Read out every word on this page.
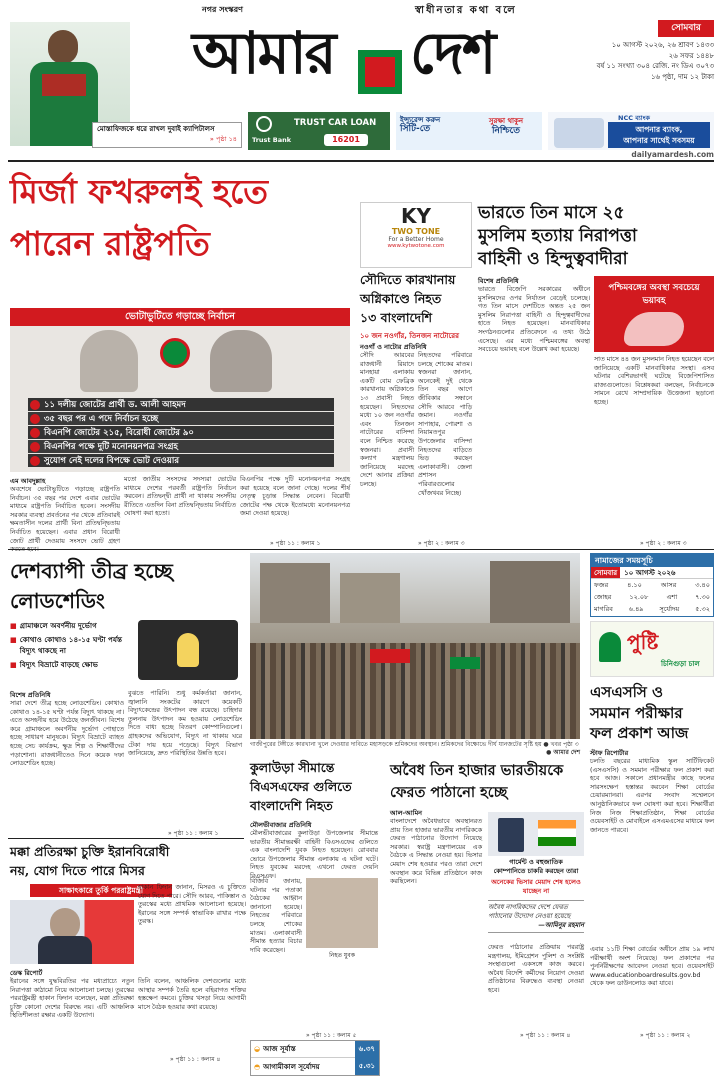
নগর সংস্করণ	স্বাধীনতার কথা বলে
আমার দেশ	সোমবার
১০ আগস্ট ২০২৬, ২৬ শ্রাবণ ১৪৩৩
২৬ সফর ১৪৪৮
বর্ষ ১১ সংখ্যা ৩০৪ রেজি. নং ডিএ ৩০৭৩
১৬ পৃষ্ঠা, দাম ১২ টাকা
মোস্তাফিজকে ধরে রাখল দুবাই ক্যাপিটালস
» পৃষ্ঠা ১৪ Trust Bank
TRUST CAR LOAN
16201
ইন্স্যুরেন্স করুন
সিটি-তে
সুরক্ষা থাকুন
নিশ্চিতে
NCC ব্যাংক
আপনার ব্যাংক,
আপনার সাথেই সবসময়
dailyamardesh.com
মির্জা ফখরুলই হতে
পারেন রাষ্ট্রপতি
ভোটাভুটিতে গড়াচ্ছে নির্বাচন
১১ দলীয় জোটের প্রার্থী ড. আলী আহমদ
৩৫ বছর পর এ পদে নির্বাচন হচ্ছে
বিএনপি জোটের ২১৫, বিরোধী জোটের ৯০
বিএনপির পক্ষে দুটি মনোনয়নপত্র সংগ্রহ
সুযোগ নেই দলের বিপক্ষে ভোট দেওয়ার
এম আবদুল্লাহ
অবশেষে ভোটাভুটিতে গড়াচ্ছে রাষ্ট্রপতি নির্বাচন। ৩৫ বছর পর দেশে এবার ভোটের মাধ্যমে রাষ্ট্রপতি নির্বাচিত হবেন। সংসদীয় সরকার ব্যবস্থা প্রবর্তনের পর থেকে প্রতিবারই ক্ষমতাসীন দলের প্রার্থী বিনা প্রতিদ্বন্দ্বিতায় নির্বাচিত হয়েছেন। এবার প্রধান বিরোধী জোট প্রার্থী দেওয়ায় সংসদে ভোট গ্রহণ
মতো জাতীয় সংসদের সদস্যরা ভোটের মাধ্যমে দেশের পরবর্তী রাষ্ট্রপতি নির্বাচন করবেন। প্রতিদ্বন্দ্বী প্রার্থী না থাকায় সংসদীয় রীতিতে এতদিন বিনা প্রতিদ্বন্দ্বিতায় নির্বাচিত ঘোষণা করা হতো।
বিএনপির পক্ষে দুটি মনোনয়নপত্র সংগ্রহ করা হয়েছে বলে জানা গেছে। দলের শীর্ষ নেতৃত্ব চূড়ান্ত সিদ্ধান্ত নেবেন। বিরোধী জোটের পক্ষ থেকে ইতোমধ্যে মনোনয়নপত্র জমা দেওয়া হয়েছে।
» পৃষ্ঠা ১১ : কলাম ১
KY
TWO TONE
For a Better Home
www.kytwotone.com
সৌদিতে কারখানায়
অগ্নিকাণ্ডে নিহত
১৩ বাংলাদেশি
১০ জন নওগাঁর, তিনজন নাটোরের
নওগাঁ ও নাটোর প্রতিনিধি
সৌদি আরবের রাজধানী রিয়াদে মানহায়া এলাকায় একটি বোম ফেব্রিক কারখানায় অগ্নিকাণ্ডে ১৩ প্রবাসী নিহত হয়েছেন। নিহতদের মধ্যে ১০ জন নওগাঁর এবং তিনজন নাটোরের বাসিন্দা বলে নিশ্চিত করেছে স্বজনরা। প্রবাসী কল্যাণ মন্ত্রণালয় জানিয়েছে মরদেহ দেশে আনার প্রক্রিয়া চলছে।
নিহতদের পরিবারে চলছে শোকের মাতম। স্বজনরা জানান, অনেকেই দুই থেকে তিন বছর আগে জীবিকার সন্ধানে সৌদি আরবে পাড়ি জমান। নওগাঁর সাপাহার, পোরশা ও নিয়ামতপুর উপজেলার বাসিন্দা নিহতদের বাড়িতে ভিড় করছেন এলাকাবাসী। জেলা প্রশাসন পরিবারগুলোর খোঁজখবর নিচ্ছে।
» পৃষ্ঠা ২ : কলাম ৩
ভারতে তিন মাসে ২৫
মুসলিম হত্যায় নিরাপত্তা
বাহিনী ও হিন্দুত্ববাদীরা
বিশেষ প্রতিনিধি
ভারতে বিজেপি সরকারের অধীনে মুসলিমদের ওপর নির্যাতন বেড়েই চলেছে। গত তিন মাসে দেশটিতে অন্তত ২৫ জন মুসলিম নিরাপত্তা বাহিনী ও হিন্দুত্ববাদীদের হাতে নিহত হয়েছেন। মানবাধিকার সংগঠনগুলোর প্রতিবেদনে এ তথ্য উঠে এসেছে। এর মধ্যে পশ্চিমবঙ্গের অবস্থা সবচেয়ে ভয়াবহ বলে উল্লেখ করা হয়েছে।
পশ্চিমবঙ্গের অবস্থা সবচেয়ে ভয়াবহ
সাত মাসে ৪৪ জন মুসলমান নিহত হয়েছেন বলে জানিয়েছে একটি মানবাধিকার সংস্থা। এসব ঘটনার বেশিরভাগই ঘটেছে বিজেপিশাসিত রাজ্যগুলোতে। বিশ্লেষকরা বলছেন, নির্বাচনকে সামনে রেখে সাম্প্রদায়িক উত্তেজনা ছড়ানো হচ্ছে।
» পৃষ্ঠা ২ : কলাম ৩
দেশব্যাপী তীব্র হচ্ছে
লোডশেডিং
■ গ্রামাঞ্চলে অবর্ণনীয় দুর্ভোগ
■ কোথাও কোথাও ১৪-১৫ ঘণ্টা পর্যন্ত বিদ্যুৎ থাকছে না
■ বিদ্যুৎ বিভ্রাটে বাড়ছে ক্ষোভ
বিশেষ প্রতিনিধি
সারা দেশে তীব্র হচ্ছে লোডশেডিং। কোথাও কোথাও ১৪-১৫ ঘণ্টা পর্যন্ত বিদ্যুৎ থাকছে না। এতে অসহনীয় হয়ে উঠেছে জনজীবন। বিশেষ করে গ্রামাঞ্চলে অবর্ণনীয় দুর্ভোগ পোহাতে হচ্ছে সাধারণ মানুষকে। বিদ্যুৎ বিভ্রাটে ব্যাহত হচ্ছে সেচ কার্যক্রম, ক্ষুদ্র শিল্প ও শিক্ষার্থীদের পড়াশোনা। রাজধানীতেও দিনে কয়েক দফা লোডশেডিং হচ্ছে।
বুঝতে পারিনি। শুধু কর্মকর্তারা জানান, জ্বালানি সংকটের কারণে কয়েকটি বিদ্যুৎকেন্দ্রের উৎপাদন বন্ধ রয়েছে। চাহিদার তুলনায় উৎপাদন কম হওয়ায় লোডশেডিং দিতে বাধ্য হচ্ছে বিতরণ কোম্পানিগুলো। গ্রাহকদের অভিযোগ, বিদ্যুৎ না থাকায় ঘরে টেকা দায় হয়ে পড়েছে। বিদ্যুৎ বিভাগ জানিয়েছে, দ্রুত পরিস্থিতির উন্নতি হবে।
» পৃষ্ঠা ১১ : কলাম ১
গাজীপুরের টঙ্গীতে কারখানা খুলে দেওয়ার দাবিতে মহাসড়কে শ্রমিকদের অবস্থান। শ্রমিকদের বিক্ষোভে দীর্ঘ যানজটের সৃষ্টি হয় ● খবর পৃষ্ঠা ৩
● আমার দেশ
নামাজের সময়সূচি
সোমবার	১০ আগস্ট ২০২৬
ফজর	৪.১০	আসর	৩.৪০
জোহর	১২.০৮	এশা	৭.৩০
মাগরিব ৬.৪৯ সূর্যোদয় ৫.৩২
পুষ্টি
চিনিগুড়া চাল
এসএসসি ও
সমমান পরীক্ষার
ফল প্রকাশ আজ
স্টাফ রিপোর্টার
চলতি বছরের মাধ্যমিক স্কুল সার্টিফিকেট (এসএসসি) ও সমমান পরীক্ষার ফল প্রকাশ করা হবে আজ। সকালে প্রধানমন্ত্রীর কাছে ফলের সারসংক্ষেপ হস্তান্তর করবেন শিক্ষা বোর্ডের চেয়ারম্যানরা। এরপর সংবাদ সম্মেলনে আনুষ্ঠানিকভাবে ফল ঘোষণা করা হবে। শিক্ষার্থীরা নিজ নিজ শিক্ষাপ্রতিষ্ঠান, শিক্ষা বোর্ডের ওয়েবসাইট ও মোবাইলে এসএমএসের মাধ্যমে ফল জানতে পারবে।
এবার ১১টি শিক্ষা বোর্ডের অধীনে প্রায় ১৯ লাখ পরীক্ষার্থী অংশ নিয়েছে। ফল প্রকাশের পর পুনর্নিরীক্ষণের আবেদন নেওয়া হবে। ওয়েবসাইট www.educationboardresults.gov.bd থেকে ফল ডাউনলোড করা যাবে।
» পৃষ্ঠা ১১ : কলাম ২
কুলাউড়া সীমান্তে
বিএসএফের গুলিতে
বাংলাদেশি নিহত
মৌলভীবাজার প্রতিনিধি
মৌলভীবাজারের কুলাউড়া উপজেলার সীমান্তে ভারতীয় সীমান্তরক্ষী বাহিনী বিএসএফের গুলিতে এক বাংলাদেশি যুবক নিহত হয়েছেন। রোববার ভোরে উপজেলার সীমান্ত এলাকায় এ ঘটনা ঘটে। নিহত যুবকের মরদেহ এখনো ফেরত দেয়নি বিএসএফ।
নিহত যুবক
বিজিবি জানায়, ঘটনার পর পতাকা বৈঠকের আহ্বান জানানো হয়েছে। নিহতের পরিবারে চলছে শোকের মাতম। এলাকাবাসী সীমান্ত হত্যার বিচার দাবি করেছেন।
» পৃষ্ঠা ১১ : কলাম ৫
অবৈধ তিন হাজার ভারতীয়কে
ফেরত পাঠানো হচ্ছে
আল-আমিন
বাংলাদেশে অবৈধভাবে অবস্থানরত প্রায় তিন হাজার ভারতীয় নাগরিককে ফেরত পাঠানোর উদ্যোগ নিয়েছে সরকার। স্বরাষ্ট্র মন্ত্রণালয়ের এক বৈঠকে এ সিদ্ধান্ত নেওয়া হয়। ভিসার মেয়াদ শেষ হওয়ার পরও তারা দেশে অবস্থান করে বিভিন্ন প্রতিষ্ঠানে কাজ করছিলেন।
গার্মেন্ট ও বহুজাতিক
কোম্পানিতে চাকরি করছেন তারা
অনেকের ভিসার মেয়াদ শেষ হলেও যাচ্ছেন না
অবৈধ নাগরিকদের দেশে ফেরত পাঠানোর উদ্যোগ নেওয়া হয়েছে
—আমিনুর রহমান
ফেরত পাঠানোর প্রক্রিয়ায় পররাষ্ট্র মন্ত্রণালয়, ইমিগ্রেশন পুলিশ ও সংশ্লিষ্ট সংস্থাগুলো একসঙ্গে কাজ করবে। অবৈধ বিদেশি কর্মীদের নিয়োগ দেওয়া প্রতিষ্ঠানের বিরুদ্ধেও ব্যবস্থা নেওয়া হবে।
» পৃষ্ঠা ১১ : কলাম ৪
মক্কা প্রতিরক্ষা চুক্তি ইরানবিরোধী
নয়, যোগ দিতে পারে মিসর
সাক্ষাৎকারে তুর্কি পররাষ্ট্রমন্ত্রী
ডেস্ক রিপোর্ট
ইরানের সঙ্গে যুদ্ধবিরতির পর মধ্যপ্রাচ্যে নতুন নিরাপত্তা কাঠামো নিয়ে আলোচনা চলছে। তুরস্কের পররাষ্ট্রমন্ত্রী হাকান ফিদান বলেছেন, মক্কা প্রতিরক্ষা চুক্তি কোনো দেশের বিরুদ্ধে নয়। এটি আঞ্চলিক স্থিতিশীলতা রক্ষার একটি উদ্যোগ।
হাকান ফিদান জানান, মিসরও এ চুক্তিতে যোগ দিতে পারে। সৌদি আরব, পাকিস্তান ও তুরস্কের মধ্যে প্রাথমিক আলোচনা হয়েছে। ইরানের সঙ্গে সম্পর্ক স্বাভাবিক রাখার পক্ষে তুরস্ক।
তিনি বলেন, আঞ্চলিক দেশগুলোর মধ্যে আস্থার সম্পর্ক তৈরি হলে বহিরাগত শক্তির হস্তক্ষেপ কমবে। চুক্তির খসড়া নিয়ে আগামী মাসে বৈঠক হওয়ার কথা রয়েছে।
» পৃষ্ঠা ১১ : কলাম ৪
◒ আজ সূর্যাস্ত	৬.৩৭
◓ আগামীকাল সূর্যোদয়	৫.৩১
